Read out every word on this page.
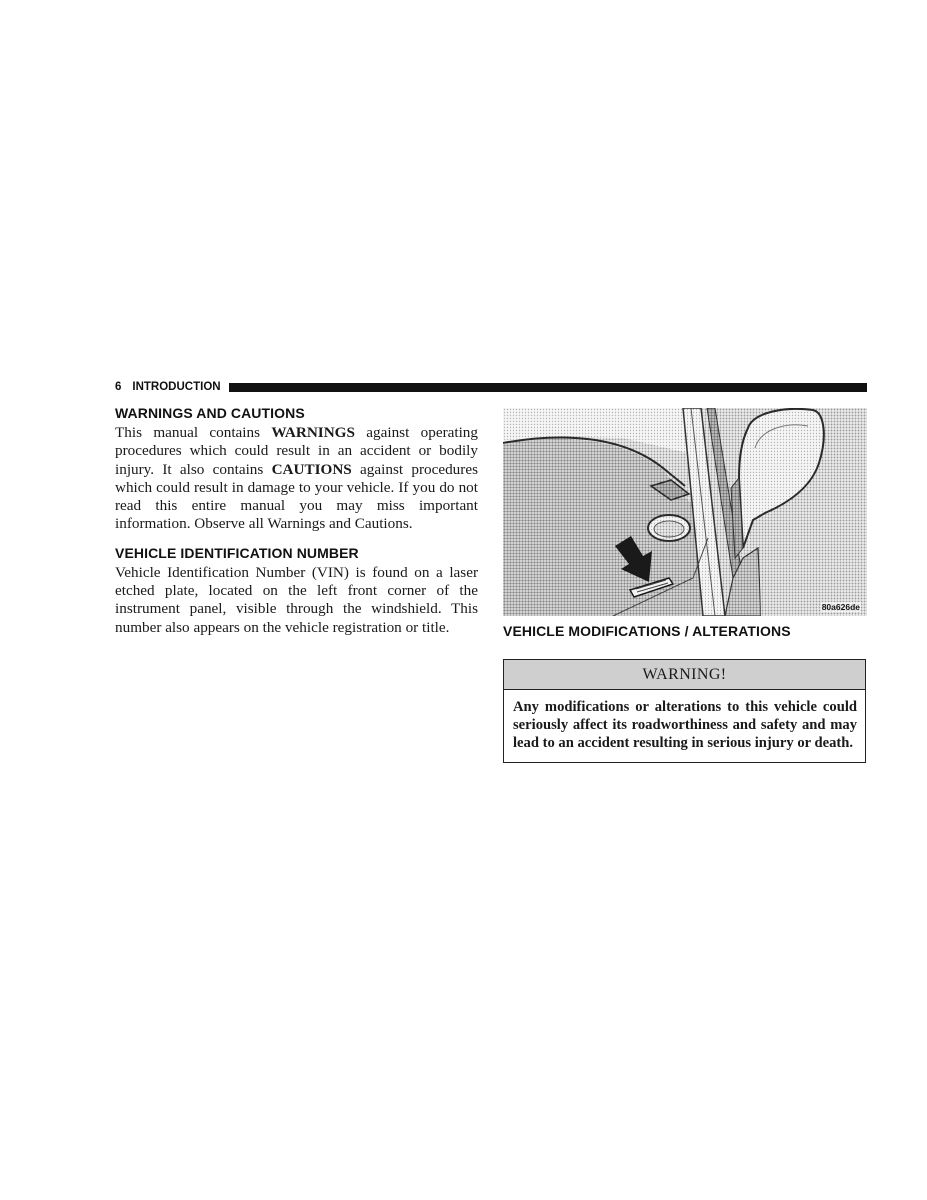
6 INTRODUCTION
WARNINGS AND CAUTIONS

This manual contains WARNINGS against operating procedures which could result in an accident or bodily injury. It also contains CAUTIONS against procedures which could result in damage to your vehicle. If you do not read this entire manual you may miss important information. Observe all Warnings and Cautions.

VEHICLE IDENTIFICATION NUMBER

Vehicle Identification Number (VIN) is found on a laser etched plate, located on the left front corner of the instrument panel, visible through the windshield. This number also appears on the vehicle registration or title.

80a626de
VEHICLE MODIFICATIONS / ALTERATIONS
WARNING!
Any modifications or alterations to this vehicle could seriously affect its roadworthiness and safety and may lead to an accident resulting in serious injury or death.
